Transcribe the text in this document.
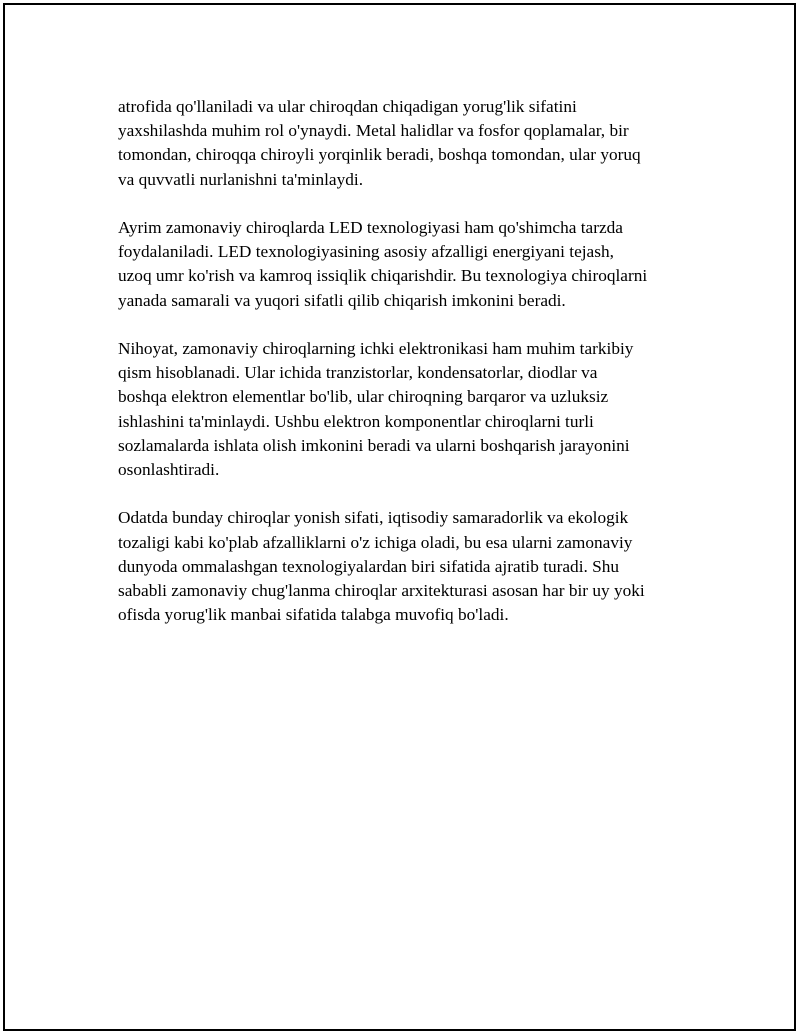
atrofida qo'llaniladi va ular chiroqdan chiqadigan yorug'lik sifatini
yaxshilashda muhim rol o'ynaydi. Metal halidlar va fosfor qoplamalar, bir
tomondan, chiroqqa chiroyli yorqinlik beradi, boshqa tomondan, ular yoruq
va quvvatli nurlanishni ta'minlaydi.

Ayrim zamonaviy chiroqlarda LED texnologiyasi ham qo'shimcha tarzda
foydalaniladi. LED texnologiyasining asosiy afzalligi energiyani tejash,
uzoq umr ko'rish va kamroq issiqlik chiqarishdir. Bu texnologiya chiroqlarni
yanada samarali va yuqori sifatli qilib chiqarish imkonini beradi.

Nihoyat, zamonaviy chiroqlarning ichki elektronikasi ham muhim tarkibiy
qism hisoblanadi. Ular ichida tranzistorlar, kondensatorlar, diodlar va
boshqa elektron elementlar bo'lib, ular chiroqning barqaror va uzluksiz
ishlashini ta'minlaydi. Ushbu elektron komponentlar chiroqlarni turli
sozlamalarda ishlata olish imkonini beradi va ularni boshqarish jarayonini
osonlashtiradi.

Odatda bunday chiroqlar yonish sifati, iqtisodiy samaradorlik va ekologik
tozaligi kabi ko'plab afzalliklarni o'z ichiga oladi, bu esa ularni zamonaviy
dunyoda ommalashgan texnologiyalardan biri sifatida ajratib turadi. Shu
sababli zamonaviy chug'lanma chiroqlar arxitekturasi asosan har bir uy yoki
ofisda yorug'lik manbai sifatida talabga muvofiq bo'ladi.
